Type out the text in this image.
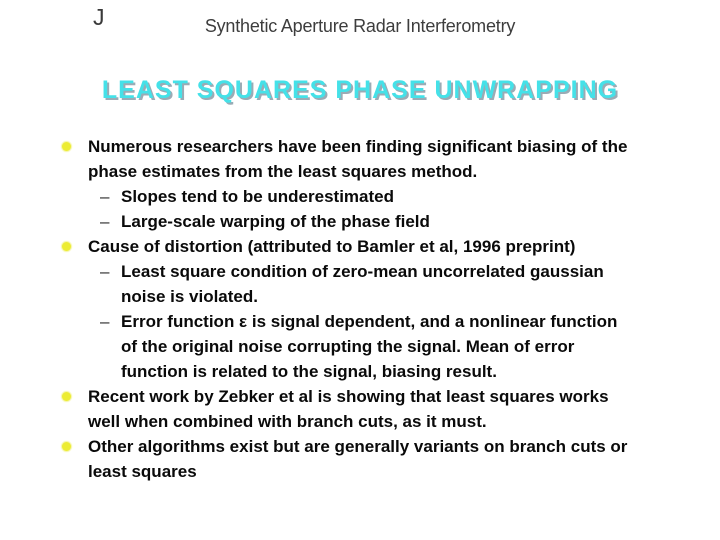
J	Synthetic Aperture Radar Interferometry
LEAST SQUARES PHASE UNWRAPPING
Numerous researchers have been finding significant biasing of the
phase estimates from the least squares method.
– Slopes tend to be underestimated
– Large-scale warping of the phase field
Cause of distortion (attributed to Bamler et al, 1996 preprint)
– Least square condition of zero-mean uncorrelated gaussian
noise is violated.
– Error function ε is signal dependent, and a nonlinear function
of the original noise corrupting the signal. Mean of error
function is related to the signal, biasing result.
Recent work by Zebker et al is showing that least squares works
well when combined with branch cuts, as it must.
Other algorithms exist but are generally variants on branch cuts or
least squares
